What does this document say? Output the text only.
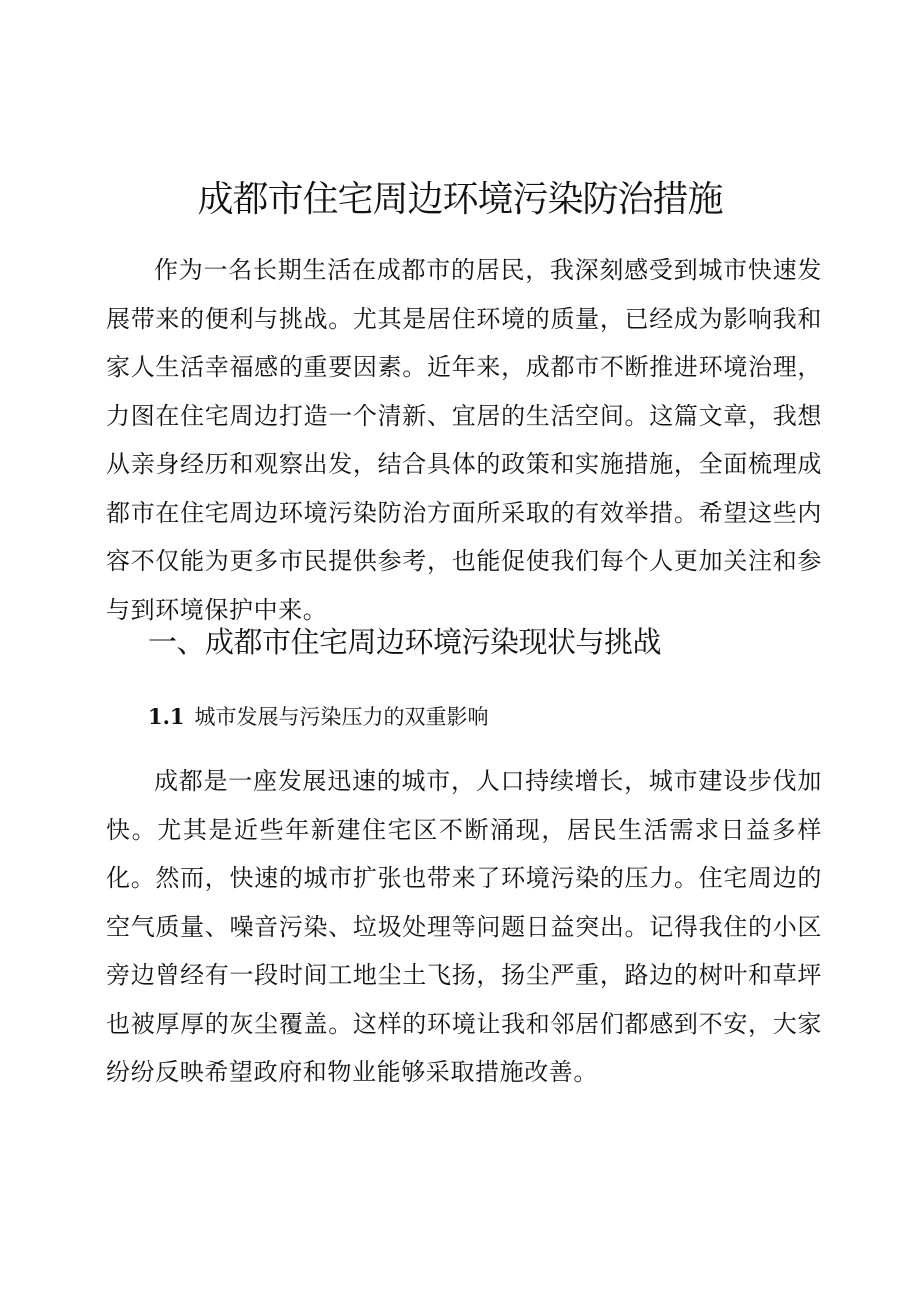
成都市住宅周边环境污染防治措施

作为一名长期生活在成都市的居民，我深刻感受到城市快速发展带来的便利与挑战。尤其是居住环境的质量，已经成为影响我和家人生活幸福感的重要因素。近年来，成都市不断推进环境治理，力图在住宅周边打造一个清新、宜居的生活空间。这篇文章，我想从亲身经历和观察出发，结合具体的政策和实施措施，全面梳理成都市在住宅周边环境污染防治方面所采取的有效举措。希望这些内容不仅能为更多市民提供参考，也能促使我们每个人更加关注和参与到环境保护中来。

一、成都市住宅周边环境污染现状与挑战
1.1 城市发展与污染压力的双重影响

成都是一座发展迅速的城市，人口持续增长，城市建设步伐加快。尤其是近些年新建住宅区不断涌现，居民生活需求日益多样化。然而，快速的城市扩张也带来了环境污染的压力。住宅周边的空气质量、噪音污染、垃圾处理等问题日益突出。记得我住的小区旁边曾经有一段时间工地尘土飞扬，扬尘严重，路边的树叶和草坪也被厚厚的灰尘覆盖。这样的环境让我和邻居们都感到不安，大家纷纷反映希望政府和物业能够采取措施改善。
